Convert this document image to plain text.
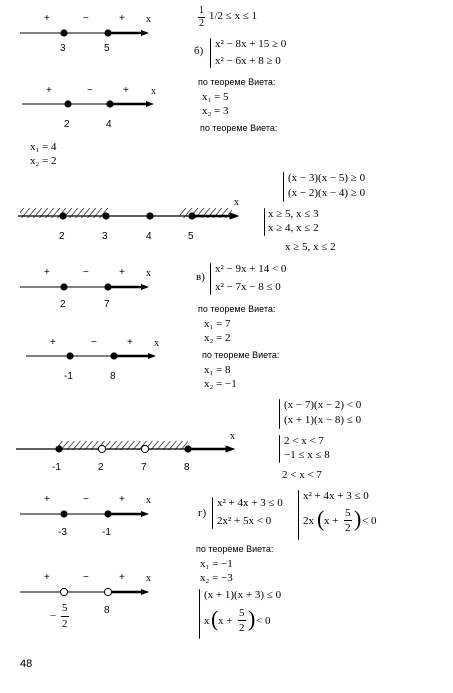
+	−	+ x
3	5
+	−	+ x
2	4
x₁ = 4
x₂ = 2
x
2	3	4	5
+	−	+ x
2	7
+	−	+ x
-1	8
x
-1	2	7	8
+	−	+ x
-3	-1
+	−	+ x
−
5
2
8
1
2
1/2 ≤ x ≤ 1
б)
x² − 8x + 15 ≥ 0
x² − 6x + 8 ≥ 0
по теореме Виета:
x₁ = 5
x₂ = 3
по теореме Виета:
(x − 3)(x − 5) ≥ 0
(x − 2)(x − 4) ≥ 0
x ≥ 5, x ≤ 3
x ≥ 4, x ≤ 2
x ≥ 5, x ≤ 2
в)
x² − 9x + 14 < 0
x² − 7x − 8 ≤ 0
по теореме Виета:
x₁ = 7
x₂ = 2
по теореме Виета:
x₁ = 8
x₂ = −1
(x − 7)(x − 2) < 0
(x + 1)(x − 8) ≤ 0
2 < x < 7
−1 ≤ x ≤ 8
2 < x < 7
г)
x² + 4x + 3 ≤ 0
2x² + 5x < 0
x² + 4x + 3 ≤ 0
2x ( x +
5
2 ) < 0
по теореме Виета:
x₁ = −1
x₂ = −3
(x + 1)(x + 3) ≤ 0
x ( x +
5
2 ) < 0
48
